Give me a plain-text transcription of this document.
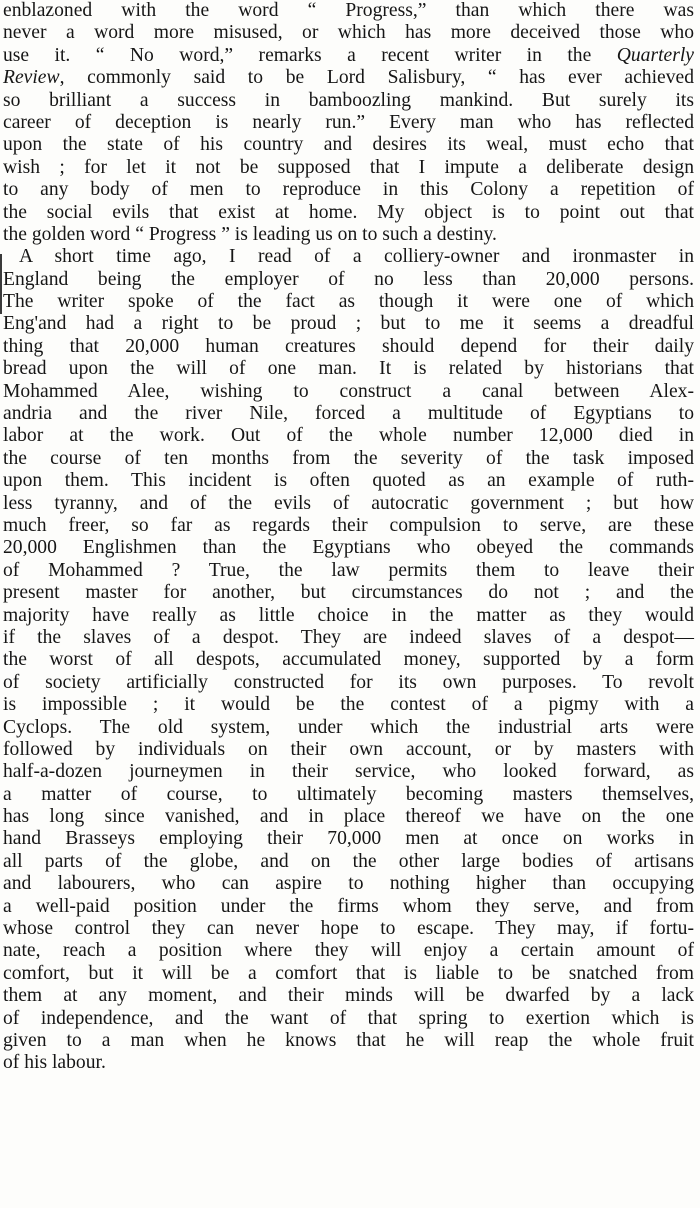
enblazoned with the word “ Progress,” than which there was
never a word more misused, or which has more deceived those who
use it. “ No word,” remarks a recent writer in the Quarterly
Review, commonly said to be Lord Salisbury, “ has ever achieved
so brilliant a success in bamboozling mankind. But surely its
career of deception is nearly run.” Every man who has reflected
upon the state of his country and desires its weal, must echo that
wish ; for let it not be supposed that I impute a deliberate design
to any body of men to reproduce in this Colony a repetition of
the social evils that exist at home. My object is to point out that
the golden word “ Progress ” is leading us on to such a destiny.
A short time ago, I read of a colliery-owner and ironmaster in
England being the employer of no less than 20,000 persons.
The writer spoke of the fact as though it were one of which
Eng'and had a right to be proud ; but to me it seems a dreadful
thing that 20,000 human creatures should depend for their daily
bread upon the will of one man. It is related by historians that
Mohammed Alee, wishing to construct a canal between Alex-
andria and the river Nile, forced a multitude of Egyptians to
labor at the work. Out of the whole number 12,000 died in
the course of ten months from the severity of the task imposed
upon them. This incident is often quoted as an example of ruth-
less tyranny, and of the evils of autocratic government ; but how
much freer, so far as regards their compulsion to serve, are these
20,000 Englishmen than the Egyptians who obeyed the commands
of Mohammed ? True, the law permits them to leave their
present master for another, but circumstances do not ; and the
majority have really as little choice in the matter as they would
if the slaves of a despot. They are indeed slaves of a despot—
the worst of all despots, accumulated money, supported by a form
of society artificially constructed for its own purposes. To revolt
is impossible ; it would be the contest of a pigmy with a
Cyclops. The old system, under which the industrial arts were
followed by individuals on their own account, or by masters with
half-a-dozen journeymen in their service, who looked forward, as
a matter of course, to ultimately becoming masters themselves,
has long since vanished, and in place thereof we have on the one
hand Brasseys employing their 70,000 men at once on works in
all parts of the globe, and on the other large bodies of artisans
and labourers, who can aspire to nothing higher than occupying
a well-paid position under the firms whom they serve, and from
whose control they can never hope to escape. They may, if fortu-
nate, reach a position where they will enjoy a certain amount of
comfort, but it will be a comfort that is liable to be snatched from
them at any moment, and their minds will be dwarfed by a lack
of independence, and the want of that spring to exertion which is
given to a man when he knows that he will reap the whole fruit
of his labour.
